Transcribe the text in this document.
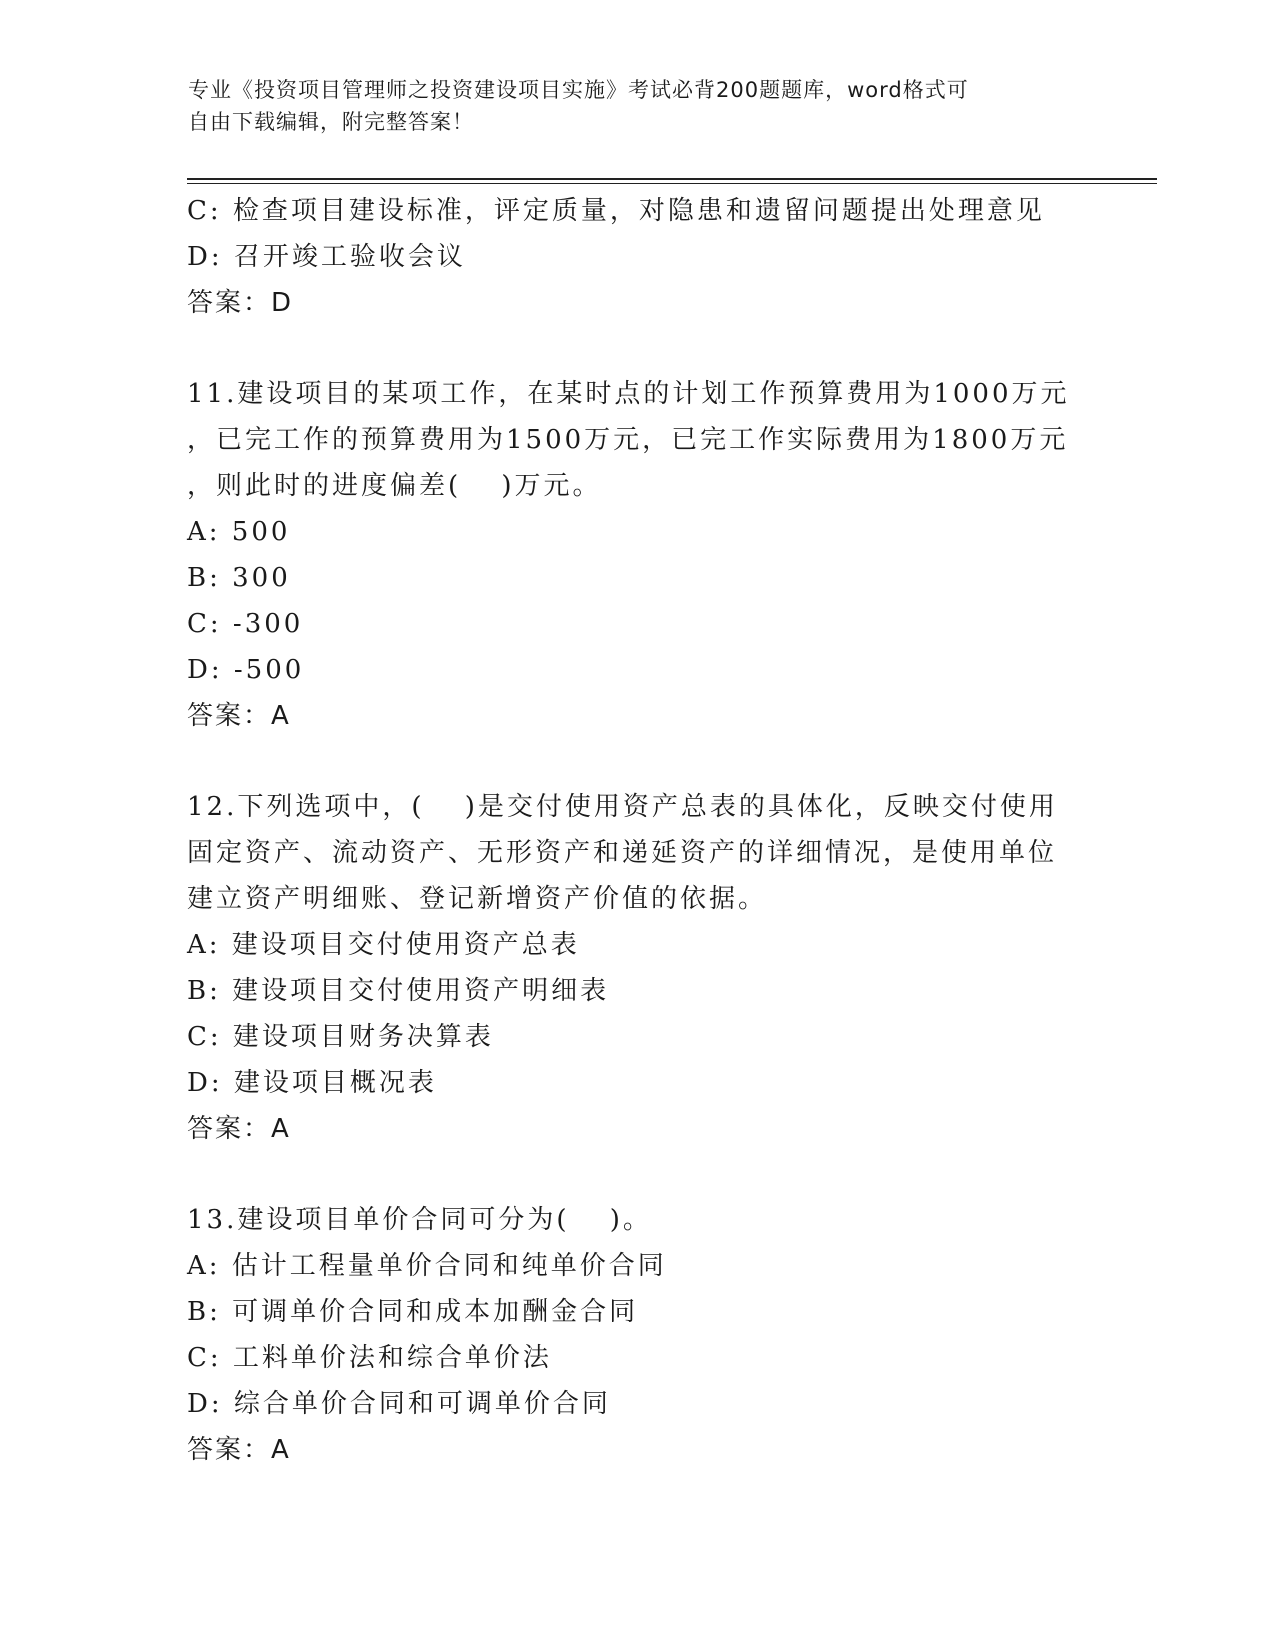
专业《投资项目管理师之投资建设项目实施》考试必背200题题库，word格式可
自由下载编辑，附完整答案！
C: 检查项目建设标准，评定质量，对隐患和遗留问题提出处理意见
D: 召开竣工验收会议
答案：D
11.建设项目的某项工作，在某时点的计划工作预算费用为1000万元
，已完工作的预算费用为1500万元，已完工作实际费用为1800万元
，则此时的进度偏差(　 )万元。
A: 500
B: 300
C: -300
D: -500
答案：A
12.下列选项中，(　 )是交付使用资产总表的具体化，反映交付使用
固定资产、流动资产、无形资产和递延资产的详细情况，是使用单位
建立资产明细账、登记新增资产价值的依据。
A: 建设项目交付使用资产总表
B: 建设项目交付使用资产明细表
C: 建设项目财务决算表
D: 建设项目概况表
答案：A
13.建设项目单价合同可分为(　 )。
A: 估计工程量单价合同和纯单价合同
B: 可调单价合同和成本加酬金合同
C: 工料单价法和综合单价法
D: 综合单价合同和可调单价合同
答案：A
